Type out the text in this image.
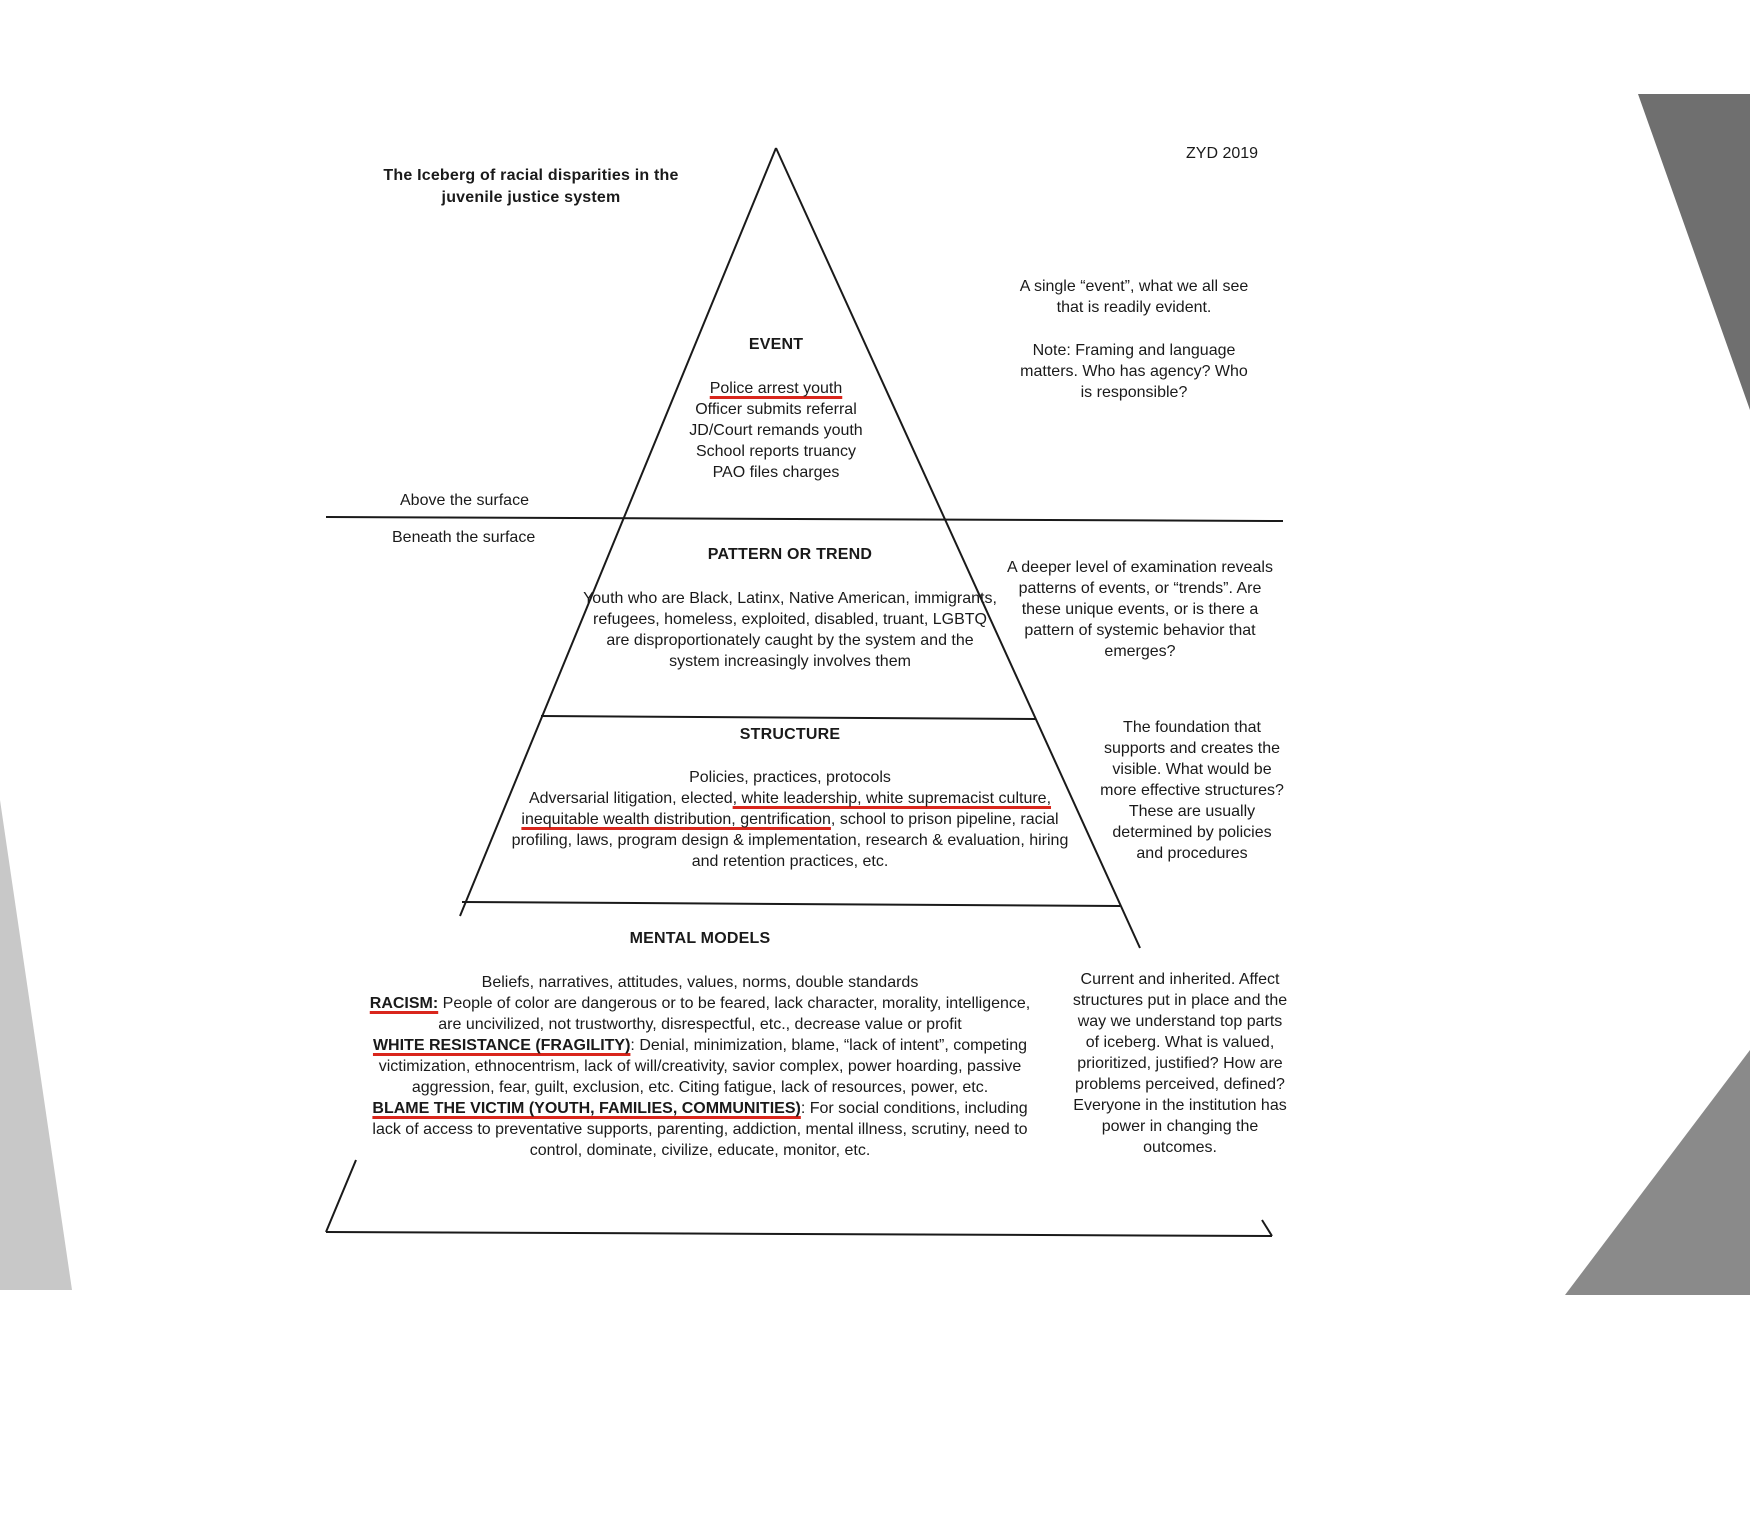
The Iceberg of racial disparities in the juvenile justice system
ZYD 2019
Above the surface
Beneath the surface
EVENT
Police arrest youth
Officer submits referral
JD/Court remands youth
School reports truancy
PAO files charges
A single “event”, what we all see that is readily evident.
Note: Framing and language matters. Who has agency? Who is responsible?
PATTERN OR TREND
Youth who are Black, Latinx, Native American, immigrants, refugees, homeless, exploited, disabled, truant, LGBTQ are disproportionately caught by the system and the system increasingly involves them
A deeper level of examination reveals patterns of events, or “trends”. Are these unique events, or is there a pattern of systemic behavior that emerges?
STRUCTURE
Policies, practices, protocols
Adversarial litigation, elected, white leadership, white supremacist culture, inequitable wealth distribution, gentrification, school to prison pipeline, racial profiling, laws, program design & implementation, research & evaluation, hiring and retention practices, etc.
The foundation that supports and creates the visible. What would be more effective structures? These are usually determined by policies and procedures
MENTAL MODELS
Beliefs, narratives, attitudes, values, norms, double standards
RACISM: People of color are dangerous or to be feared, lack character, morality, intelligence, are uncivilized, not trustworthy, disrespectful, etc., decrease value or profit
WHITE RESISTANCE (FRAGILITY): Denial, minimization, blame, “lack of intent”, competing victimization, ethnocentrism, lack of will/creativity, savior complex, power hoarding, passive aggression, fear, guilt, exclusion, etc. Citing fatigue, lack of resources, power, etc.
BLAME THE VICTIM (YOUTH, FAMILIES, COMMUNITIES): For social conditions, including lack of access to preventative supports, parenting, addiction, mental illness, scrutiny, need to control, dominate, civilize, educate, monitor, etc.
Current and inherited. Affect structures put in place and the way we understand top parts of iceberg. What is valued, prioritized, justified? How are problems perceived, defined? Everyone in the institution has power in changing the outcomes.
